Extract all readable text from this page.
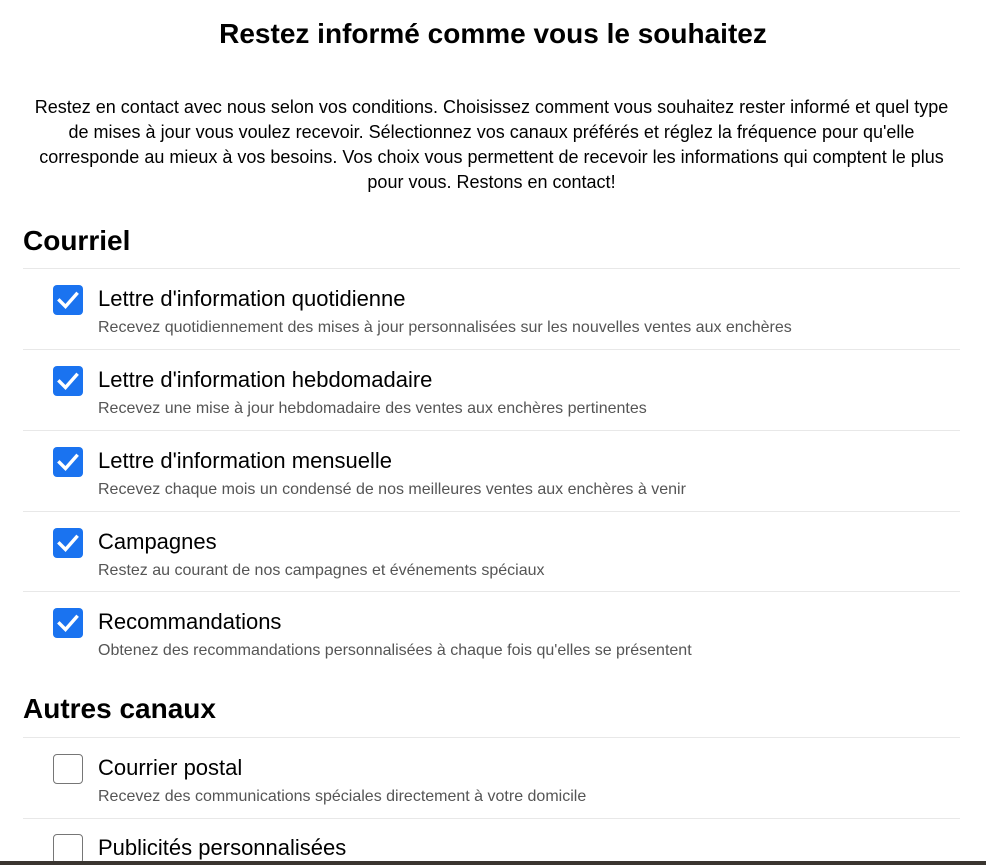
Restez informé comme vous le souhaitez

Restez en contact avec nous selon vos conditions. Choisissez comment vous souhaitez rester informé et quel type de mises à jour vous voulez recevoir. Sélectionnez vos canaux préférés et réglez la fréquence pour qu'elle corresponde au mieux à vos besoins. Vos choix vous permettent de recevoir les informations qui comptent le plus pour vous. Restons en contact!

Courriel
Lettre d'information quotidienne
Recevez quotidiennement des mises à jour personnalisées sur les nouvelles ventes aux enchères
Lettre d'information hebdomadaire
Recevez une mise à jour hebdomadaire des ventes aux enchères pertinentes
Lettre d'information mensuelle
Recevez chaque mois un condensé de nos meilleures ventes aux enchères à venir
Campagnes
Restez au courant de nos campagnes et événements spéciaux
Recommandations
Obtenez des recommandations personnalisées à chaque fois qu'elles se présentent
Autres canaux
Courrier postal
Recevez des communications spéciales directement à votre domicile
Publicités personnalisées
